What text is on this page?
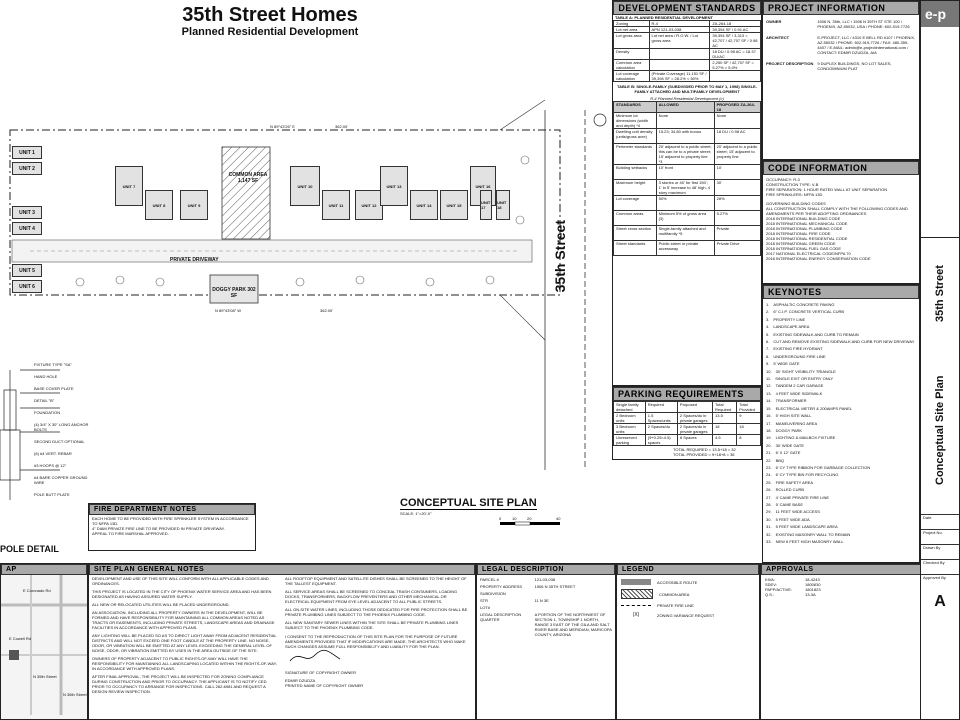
35th Street Homes
Planned Residential Development
UNIT 1
UNIT 2
UNIT 3
UNIT 4
UNIT 5
UNIT 6
UNIT 7
UNIT 8	UNIT 9
UNIT 10
UNIT 11	UNIT 12
UNIT 13
UNIT 14	UNIT 15
UNIT 16
UNIT 17
UNIT 18
COMMON AREA 1,147 SF
DOGGY PARK 302 SF
PRIVATE DRIVEWAY	35th Street
N 89°43'26" E	362.00'
N 89°43'08" W	362.00'
FIXTURE TYPE "SA"
HAND HOLE
BASE COVER PLATE
DETAIL "B"
FOUNDATION
(4) 3/4" X 30" LONG ANCHOR BOLTS
SECOND DUCT OPTIONAL
(6) #4 VERT. REBAR
#3 HOOPS @ 12"
#4 BARE COPPER GROUND WIRE
POLE BUTT PLATE
POLE DETAIL
CONCEPTUAL SITE PLAN
SCALE: 1"=20'-0"
0	10	20	40
FIRE DEPARTMENT NOTES
EACH HOME TO BE PROVIDED WITH FIRE SPRINKLER SYSTEM IN ACCORDANCE TO NFPA 13D.
4" DIAM PRIVATE FIRE LINE TO BE PROVIDED IN PRIVATE DRIVEWAY.
APPEAL TO FIRE MARSHAL APPROVED.
AP
E Coronado Rd
E Cowell Rd
N 35th Street
N 36th Street
SITE PLAN GENERAL NOTES
DEVELOPMENT AND USE OF THIS SITE WILL CONFORM WITH ALL APPLICABLE CODES AND ORDINANCES.
THIS PROJECT IS LOCATED IN THE CITY OF PHOENIX WATER SERVICE AREA AND HAS BEEN DESIGNATED AS HAVING ASSURED WATER SUPPLY.
ALL NEW OR RELOCATED UTILITIES WILL BE PLACED UNDERGROUND.
AN ASSOCIATION, INCLUDING ALL PROPERTY OWNERS IN THE DEVELOPMENT, WILL BE FORMED AND HAVE RESPONSIBILITY FOR MAINTAINING ALL COMMON AREAS NOTED AS TRACTS OR EASEMENTS, INCLUDING PRIVATE STREETS, LANDSCAPE AREAS AND DRAINAGE FACILITIES IN ACCORDANCE WITH APPROVED PLANS.
ANY LIGHTING WILL BE PLACED SO AS TO DIRECT LIGHT AWAY FROM ADJACENT RESIDENTIAL DISTRICTS AND WILL NOT EXCEED ONE FOOT CANDLE AT THE PROPERTY LINE. NO NOISE, ODOR, OR VIBRATION WILL BE EMITTED AT ANY LEVEL EXCEEDING THE GENERAL LEVEL OF NOISE, ODOR, OR VIBRATION EMITTED BY USES IN THE AREA OUTSIDE OF THE SITE.
OWNERS OF PROPERTY ADJACENT TO PUBLIC RIGHTS-OF-WAY WILL HAVE THE RESPONSIBILITY FOR MAINTAINING ALL LANDSCAPING LOCATED WITHIN THE RIGHTS-OF-WAY, IN ACCORDANCE WITH APPROVED PLANS.
AFTER FINAL APPROVAL, THE PROJECT WILL BE INSPECTED FOR ZONING COMPLIANCE DURING CONSTRUCTION AND PRIOR TO OCCUPANCY. THE APPLICANT IS TO NOTIFY CED PRIOR TO OCCUPANCY TO ARRANGE FOR INSPECTIONS. CALL 262-6981 AND REQUEST A DESIGN REVIEW INSPECTION.
ALL ROOFTOP EQUIPMENT AND SATELLITE DISHES SHALL BE SCREENED TO THE HEIGHT OF THE TALLEST EQUIPMENT.
ALL SERVICE AREAS SHALL BE SCREENED TO CONCEAL TRASH CONTAINERS, LOADING DOCKS, TRANSFORMERS, BACKFLOW PREVENTERS AND OTHER MECHANICAL OR ELECTRICAL EQUIPMENT FROM EYE LEVEL ADJACENT TO ALL PUBLIC STREETS.
ALL ON-SITE WATER LINES, INCLUDING THOSE DEDICATED FOR FIRE PROTECTION SHALL BE PRIVATE PLUMBING LINES SUBJECT TO THE PHOENIX PLUMBING CODE.
ALL NEW SANITARY SEWER LINES WITHIN THE SITE SHALL BE PRIVATE PLUMBING LINES SUBJECT TO THE PHOENIX PLUMBING CODE.
I CONSENT TO THE REPRODUCTION OF THIS SITE PLAN FOR THE PURPOSE OF FUTURE AMENDMENTS PROVIDED THAT IF MODIFICATIONS ARE MADE, THE ARCHITECTS WHO MAKE SUCH CHANGES ASSUME FULL RESPONSIBILITY AND LIABILITY FOR THE PLAN.
SIGNATURE OF COPYRIGHT OWNER
EDMIR DZUDZA
PRINTED NAME OF COPYRIGHT OWNER
LEGAL DESCRIPTION
PARCEL #	121-03-038
PROPERTY ADDRESS	1506 N 35TH STREET
SUBDIVISION
STR	11 N 3E
LOT#
LEGAL DESCRIPTION QUARTER
A PORTION OF THE NORTHWEST OF SECTION 1, TOWNSHIP 1 NORTH, RANGE 3 EAST OF THE GILA AND SALT RIVER BASE AND MERIDIAN, MARICOPA COUNTY, ARIZONA
LEGEND
ACCESSIBLE ROUTE
COMMON AREA
PRIVATE FIRE LINE
(X)	ZONING VARIANCE REQUEST
APPROVALS
KIVA:	18-4243
SDEV:	1800630
PAPP/ACTIVE:	1801823
Q.S.:	13-3A
DEVELOPMENT STANDARDS
TABLE A: PLANNED RESIDENTIAL DEVELOPMENT
Zoning	R-4	ZA-264-18
Lot net area	APN 121-03-038	39,394 SF / 0.91 AC
Lot gross area	Lot net area / R.O.W. / Lot gross area	39,394 SF / 3,313 = 42,707 / 42,707 SF / 0.98 AC
Density		18 DU / 0.98 AC = 18.37 DU/AC
Common area calculation		2,250 SF / 42,707 SF = 5.27% > 5.0%
Lot coverage calculation	(Private Coverage) 11,151 SF / 39,394 SF = 28.2% < 50%	
TABLE B: SINGLE-FAMILY (SUBDIVIDED PRIOR TO MAY 1, 1998) SINGLE-FAMILY ATTACHED AND MULTIFAMILY DEVELOPMENT
R-4 Planned Residential Development (c)
STANDARDS	ALLOWED	PROPOSED ZA-264-18
Minimum lot dimensions (width and depth) *4	None	None
Dwelling unit density (units/gross acre)	15.23; 34.80 with bonus	18 DU / 0.98 AC
Perimeter standards	20' adjacent to a public street; this can be to a private street; 15' adjacent to property line *3	20' adjacent to a public street; 15' adjacent to property line
Building setbacks	10' front	10'
Maximum height	3 stories or 40' for first 150'; 1' in 5' increase to 48' high, 4 story maximum	30'
Lot coverage	50%	28%
Common areas	Minimum 5% of gross area (3)	5.27%
Street cross section	Single-family attached and multifamily *5	Private
Street standards	Public street or private accessway	Private Drive
PARKING REQUIREMENTS
Single family detached	Required	Proposed	Total Required	Total Provided
2 Bedroom units	1.5 Spaces/units	2 Spaces/du in private garages	13.5	9
3 Bedroom units	2 Spaces/du	2 Spaces/du in private garages	18	18
Unreserved parking	(9+0.25=4.5) spaces	8 Spaces	4.5	8
TOTAL REQUIRED = 13.5+18 = 32
TOTAL PROVIDED = 9+18+8 = 35
PROJECT INFORMATION
OWNER	1506 N. 35th, LLC / 1506 N 35TH ST STE 100 / PHOENIX, AZ 85032, USA / PHONE: 602-919-7726
ARCHITECT	E-PROJECT, LLC / 4310 E BELL RD #107 / PHOENIX, AZ 85032 / PHONE: 602-919-7726 / FAX: 480-359-4407 / E-MAIL: admin@e-projectinternational.com / CONTACT: EDMIR DZUDZA, AIA
PROJECT DESCRIPTION 9 DUPLEX BUILDINGS, NO LOT SALES, CONDOMINIUM PLAT
CODE INFORMATION
OCCUPANCY: R-3
CONSTRUCTION TYPE: V-B
FIRE SEPARATION: 1 HOUR RATED WALL AT UNIT SEPARATION
FIRE SPRINKLERS: NFPA 13D
GOVERNING BUILDING CODES
ALL CONSTRUCTION SHALL COMPLY WITH THE FOLLOWING CODES AND AMENDMENTS PER THEIR ADOPTING ORDINANCES
2018 INTERNATIONAL BUILDING CODE
2018 INTERNATIONAL MECHANICAL CODE
2018 INTERNATIONAL PLUMBING CODE
2018 INTERNATIONAL FIRE CODE
2018 INTERNATIONAL RESIDENTIAL CODE
2018 INTERNATIONAL GREEN CODE
2018 INTERNATIONAL FUEL GAS CODE
2017 NATIONAL ELECTRICAL CODE/NFPA 70
2018 INTERNATIONAL ENERGY CONSERVATION CODE
KEYNOTES
1. ASPHALTIC CONCRETE PAVING
2. 6" C.I.P. CONCRETE VERTICAL CURB
3. PROPERTY LINE
4. LANDSCAPE AREA
5. EXISTING SIDEWALK AND CURB TO REMAIN
6. CUT AND REMOVE EXISTING SIDEWALK AND CURB FOR NEW DRIVEWAY
7. EXISTING FIRE HYDRANT
8. UNDERGROUND FIRE LINE
9. 5' WIDE GATE
10. 30' SIGHT VISIBILITY TRIANGLE
11. SINGLE EXIT OR ENTRY ONLY
12. TANDEM 2 CAR GARAGE
13. 4 FEET WIDE SIDEWALK
14. TRANSFORMER
15. ELECTRICAL METER & 200AMPS PANEL
16. 5' HIGH SITE WALL
17. MANEUVERING AREA
18. DOGGY PARK
19. LIGHTING & MAILBOX FIXTURE
20. 30' WIDE GATE
21. 6' X 12' GATE
22. BBQ
23. 6' CY TYPE RIBBON FOR GARBAGE COLLECTION
24. 6' CY TYPE BIN FOR RECYCLING
25. FIRE SAFETY AREA
26. ROLLED CURB
27. 4' CAME PRIVATE FIRE LINE
28. 5' CAME BASE
29. 11 FEET WIDE ACCESS
30. 5 FEET WIDE ADA
31. 5 FEET WIDE LANDSCAPE AREA
32. EXISTING MASONRY WALL TO REMAIN
33. NEW 6 FEET HIGH MASONRY WALL
e-p
35th Street
Conceptual Site Plan
Date
Project No.
Drawn By
Checked By
Approved By
A
